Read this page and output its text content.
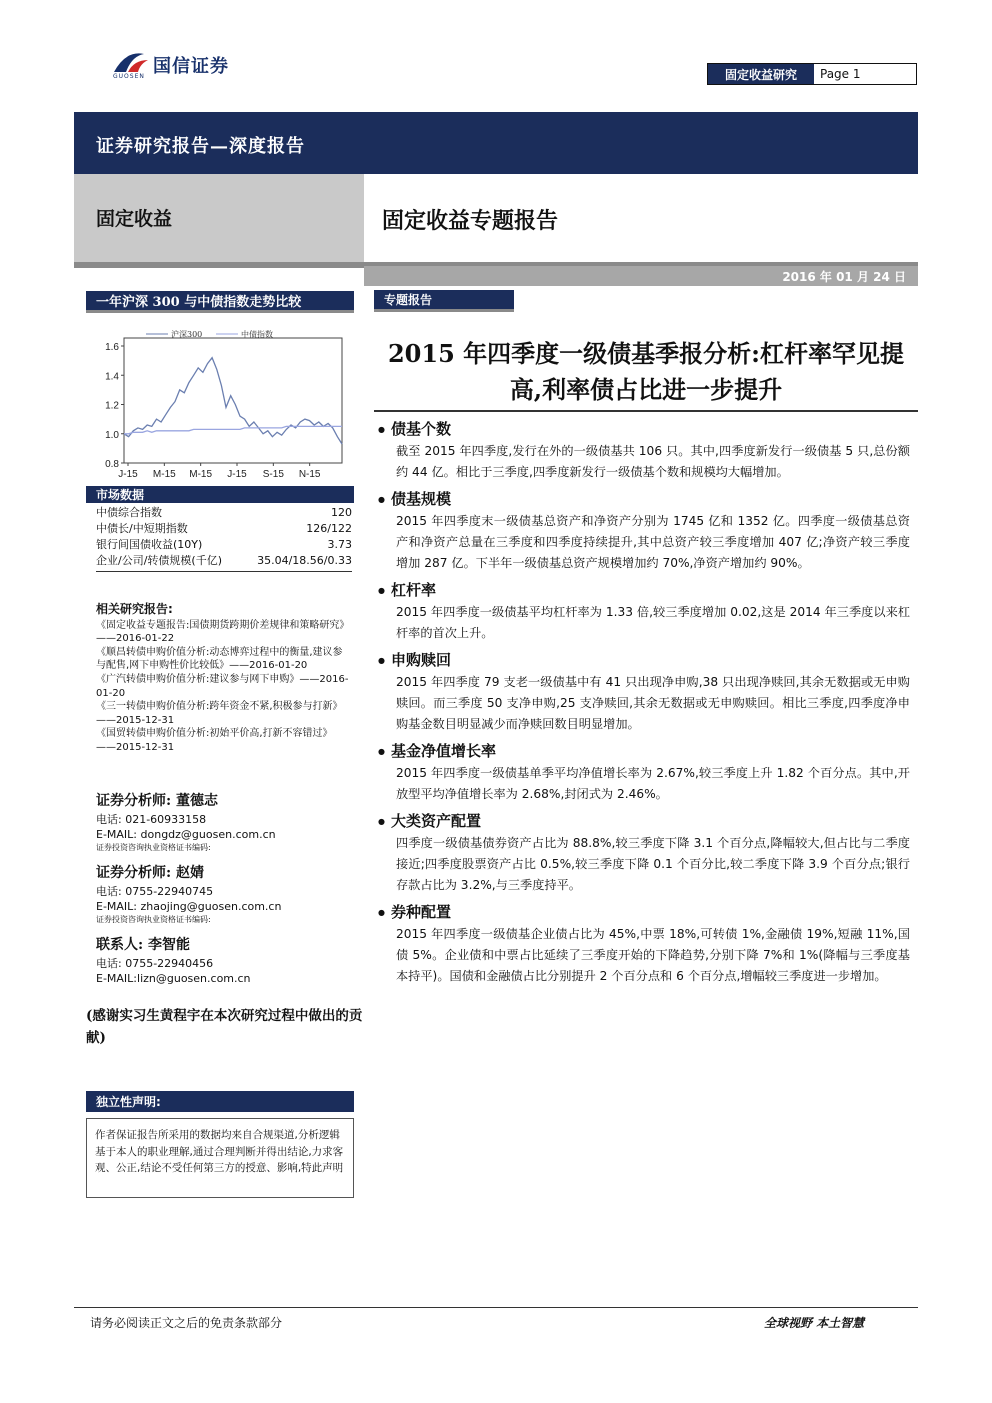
国信证券
GUOSEN	固定收益研究	Page 1
证券研究报告—深度报告
固定收益	固定收益专题报告
2016 年 01 月 24 日
一年沪深 300 与中债指数走势比较
沪深300	中债指数
0.8
1.0
1.2
1.4
1.6
J-15 M-15 M-15 J-15 S-15 N-15
市场数据
中债综合指数	120
中债长/中短期指数	126/122
银行间国债收益(10Y)	3.73
企业/公司/转债规模(千亿)	35.04/18.56/0.33
相关研究报告:
《固定收益专题报告:国债期货跨期价差规律和策略研究》——2016-01-22
《顺昌转债申购价值分析:动态博弈过程中的衡量,建议参与配售,网下申购性价比较低》——2016-01-20
《广汽转债申购价值分析:建议参与网下申购》——2016-01-20
《三一转债申购价值分析:跨年资金不紧,积极参与打新》——2015-12-31
《国贸转债申购价值分析:初始平价高,打新不容错过》——2015-12-31
证券分析师: 董德志
电话: 021-60933158
E-MAIL: dongdz@guosen.com.cn
证券投资咨询执业资格证书编码:
证券分析师: 赵婧
电话: 0755-22940745
E-MAIL: zhaojing@guosen.com.cn
证券投资咨询执业资格证书编码:
联系人: 李智能
电话: 0755-22940456
E-MAIL:lizn@guosen.com.cn
(感谢实习生黄程宇在本次研究过程中做出的贡献)
独立性声明:
作者保证报告所采用的数据均来自合规渠道,分析逻辑基于本人的职业理解,通过合理判断并得出结论,力求客观、公正,结论不受任何第三方的授意、影响,特此声明
专题报告
2015 年四季度一级债基季报分析:杠杆率罕见提高,利率债占比进一步提升
● 债基个数
截至 2015 年四季度,发行在外的一级债基共 106 只。其中,四季度新发行一级债基 5 只,总份额约 44 亿。相比于三季度,四季度新发行一级债基个数和规模均大幅增加。
● 债基规模
2015 年四季度末一级债基总资产和净资产分别为 1745 亿和 1352 亿。四季度一级债基总资产和净资产总量在三季度和四季度持续提升,其中总资产较三季度增加 407 亿;净资产较三季度增加 287 亿。下半年一级债基总资产规模增加约 70%,净资产增加约 90%。
● 杠杆率
2015 年四季度一级债基平均杠杆率为 1.33 倍,较三季度增加 0.02,这是 2014 年三季度以来杠杆率的首次上升。
● 申购赎回
2015 年四季度 79 支老一级债基中有 41 只出现净申购,38 只出现净赎回,其余无数据或无申购赎回。而三季度 50 支净申购,25 支净赎回,其余无数据或无申购赎回。相比三季度,四季度净申购基金数目明显减少而净赎回数目明显增加。
● 基金净值增长率
2015 年四季度一级债基单季平均净值增长率为 2.67%,较三季度上升 1.82 个百分点。其中,开放型平均净值增长率为 2.68%,封闭式为 2.46%。
● 大类资产配置
四季度一级债基债券资产占比为 88.8%,较三季度下降 3.1 个百分点,降幅较大,但占比与二季度接近;四季度股票资产占比 0.5%,较三季度下降 0.1 个百分比,较二季度下降 3.9 个百分点;银行存款占比为 3.2%,与三季度持平。
● 券种配置
2015 年四季度一级债基企业债占比为 45%,中票 18%,可转债 1%,金融债 19%,短融 11%,国债 5%。企业债和中票占比延续了三季度开始的下降趋势,分别下降 7%和 1%(降幅与三季度基本持平)。国债和金融债占比分别提升 2 个百分点和 6 个百分点,增幅较三季度进一步增加。
请务必阅读正文之后的免责条款部分	全球视野 本土智慧
